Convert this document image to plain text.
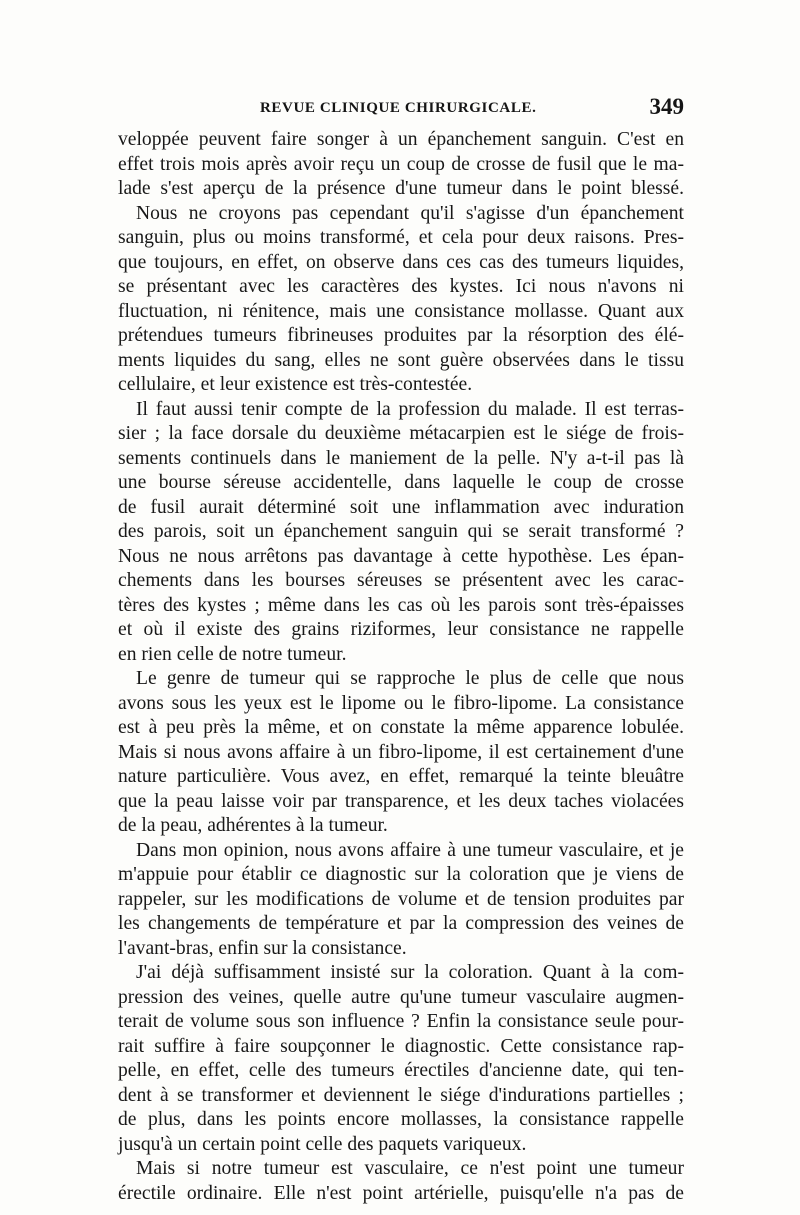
REVUE CLINIQUE CHIRURGICALE.	349
veloppée peuvent faire songer à un épanchement sanguin. C'est en
effet trois mois après avoir reçu un coup de crosse de fusil que le ma-
lade s'est aperçu de la présence d'une tumeur dans le point blessé.
Nous ne croyons pas cependant qu'il s'agisse d'un épanchement
sanguin, plus ou moins transformé, et cela pour deux raisons. Pres-
que toujours, en effet, on observe dans ces cas des tumeurs liquides,
se présentant avec les caractères des kystes. Ici nous n'avons ni
fluctuation, ni rénitence, mais une consistance mollasse. Quant aux
prétendues tumeurs fibrineuses produites par la résorption des élé-
ments liquides du sang, elles ne sont guère observées dans le tissu
cellulaire, et leur existence est très-contestée.
Il faut aussi tenir compte de la profession du malade. Il est terras-
sier ; la face dorsale du deuxième métacarpien est le siége de frois-
sements continuels dans le maniement de la pelle. N'y a-t-il pas là
une bourse séreuse accidentelle, dans laquelle le coup de crosse
de fusil aurait déterminé soit une inflammation avec induration
des parois, soit un épanchement sanguin qui se serait transformé ?
Nous ne nous arrêtons pas davantage à cette hypothèse. Les épan-
chements dans les bourses séreuses se présentent avec les carac-
tères des kystes ; même dans les cas où les parois sont très-épaisses
et où il existe des grains riziformes, leur consistance ne rappelle
en rien celle de notre tumeur.
Le genre de tumeur qui se rapproche le plus de celle que nous
avons sous les yeux est le lipome ou le fibro-lipome. La consistance
est à peu près la même, et on constate la même apparence lobulée.
Mais si nous avons affaire à un fibro-lipome, il est certainement d'une
nature particulière. Vous avez, en effet, remarqué la teinte bleuâtre
que la peau laisse voir par transparence, et les deux taches violacées
de la peau, adhérentes à la tumeur.
Dans mon opinion, nous avons affaire à une tumeur vasculaire, et je
m'appuie pour établir ce diagnostic sur la coloration que je viens de
rappeler, sur les modifications de volume et de tension produites par
les changements de température et par la compression des veines de
l'avant-bras, enfin sur la consistance.
J'ai déjà suffisamment insisté sur la coloration. Quant à la com-
pression des veines, quelle autre qu'une tumeur vasculaire augmen-
terait de volume sous son influence ? Enfin la consistance seule pour-
rait suffire à faire soupçonner le diagnostic. Cette consistance rap-
pelle, en effet, celle des tumeurs érectiles d'ancienne date, qui ten-
dent à se transformer et deviennent le siége d'indurations partielles ;
de plus, dans les points encore mollasses, la consistance rappelle
jusqu'à un certain point celle des paquets variqueux.
Mais si notre tumeur est vasculaire, ce n'est point une tumeur
érectile ordinaire. Elle n'est point artérielle, puisqu'elle n'a pas de
